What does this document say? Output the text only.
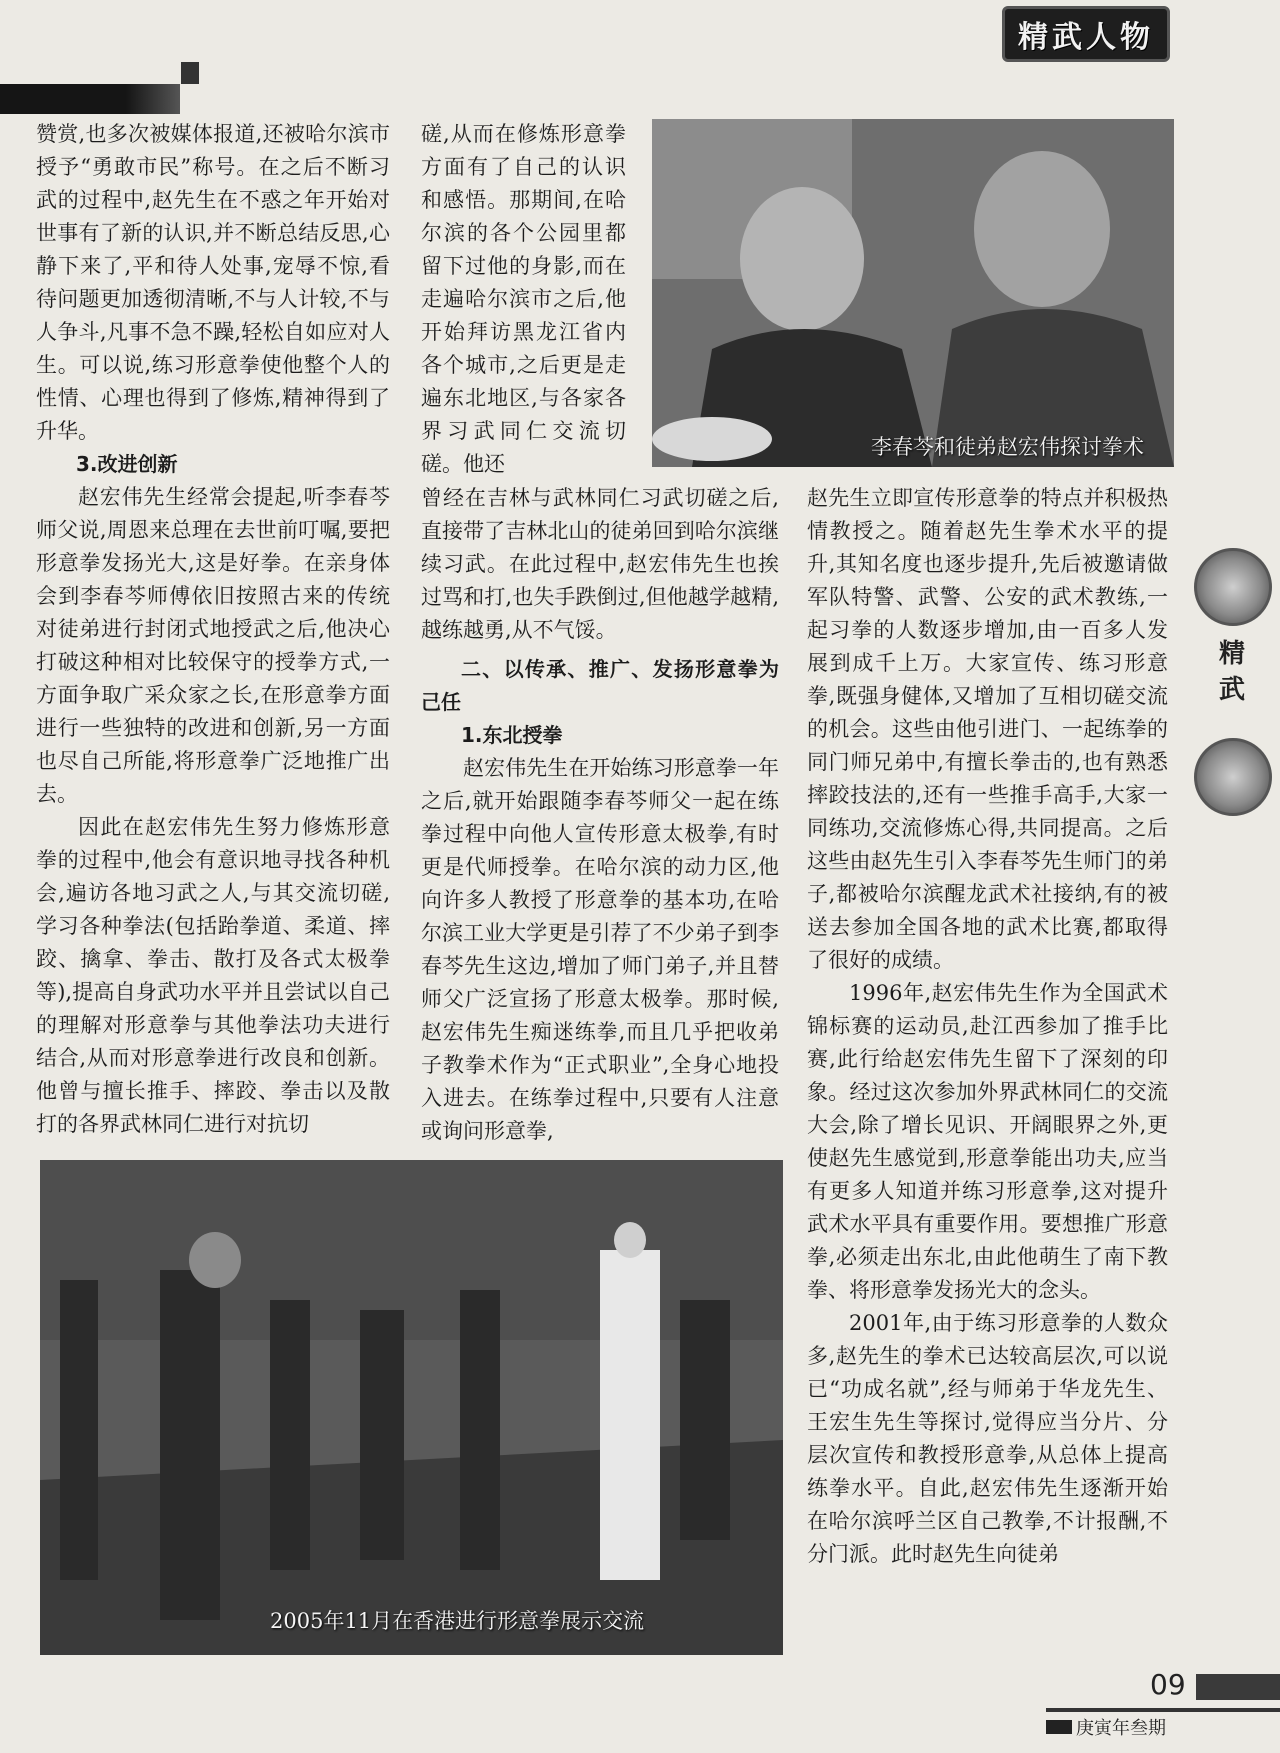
精武人物

赞赏,也多次被媒体报道,还被哈尔滨市授予“勇敢市民”称号。在之后不断习武的过程中,赵先生在不惑之年开始对世事有了新的认识,并不断总结反思,心静下来了,平和待人处事,宠辱不惊,看待问题更加透彻清晰,不与人计较,不与人争斗,凡事不急不躁,轻松自如应对人生。可以说,练习形意拳使他整个人的性情、心理也得到了修炼,精神得到了升华。

3.改进创新

赵宏伟先生经常会提起,听李春芩师父说,周恩来总理在去世前叮嘱,要把形意拳发扬光大,这是好拳。在亲身体会到李春芩师傅依旧按照古来的传统对徒弟进行封闭式地授武之后,他决心打破这种相对比较保守的授拳方式,一方面争取广采众家之长,在形意拳方面进行一些独特的改进和创新,另一方面也尽自己所能,将形意拳广泛地推广出去。

因此在赵宏伟先生努力修炼形意拳的过程中,他会有意识地寻找各种机会,遍访各地习武之人,与其交流切磋,学习各种拳法(包括跆拳道、柔道、摔跤、擒拿、拳击、散打及各式太极拳等),提高自身武功水平并且尝试以自己的理解对形意拳与其他拳法功夫进行结合,从而对形意拳进行改良和创新。他曾与擅长推手、摔跤、拳击以及散打的各界武林同仁进行对抗切

磋,从而在修炼形意拳方面有了自己的认识和感悟。那期间,在哈尔滨的各个公园里都留下过他的身影,而在走遍哈尔滨市之后,他开始拜访黑龙江省内各个城市,之后更是走遍东北地区,与各家各界习武同仁交流切磋。他还

李春芩和徒弟赵宏伟探讨拳术

曾经在吉林与武林同仁习武切磋之后,直接带了吉林北山的徒弟回到哈尔滨继续习武。在此过程中,赵宏伟先生也挨过骂和打,也失手跌倒过,但他越学越精,越练越勇,从不气馁。

二、以传承、推广、发扬形意拳为己任
1.东北授拳

赵宏伟先生在开始练习形意拳一年之后,就开始跟随李春芩师父一起在练拳过程中向他人宣传形意太极拳,有时更是代师授拳。在哈尔滨的动力区,他向许多人教授了形意拳的基本功,在哈尔滨工业大学更是引荐了不少弟子到李春芩先生这边,增加了师门弟子,并且替师父广泛宣扬了形意太极拳。那时候,赵宏伟先生痴迷练拳,而且几乎把收弟子教拳术作为“正式职业”,全身心地投入进去。在练拳过程中,只要有人注意或询问形意拳,

赵先生立即宣传形意拳的特点并积极热情教授之。随着赵先生拳术水平的提升,其知名度也逐步提升,先后被邀请做军队特警、武警、公安的武术教练,一起习拳的人数逐步增加,由一百多人发展到成千上万。大家宣传、练习形意拳,既强身健体,又增加了互相切磋交流的机会。这些由他引进门、一起练拳的同门师兄弟中,有擅长拳击的,也有熟悉摔跤技法的,还有一些推手高手,大家一同练功,交流修炼心得,共同提高。之后这些由赵先生引入李春芩先生师门的弟子,都被哈尔滨醒龙武术社接纳,有的被送去参加全国各地的武术比赛,都取得了很好的成绩。

1996年,赵宏伟先生作为全国武术锦标赛的运动员,赴江西参加了推手比赛,此行给赵宏伟先生留下了深刻的印象。经过这次参加外界武林同仁的交流大会,除了增长见识、开阔眼界之外,更使赵先生感觉到,形意拳能出功夫,应当有更多人知道并练习形意拳,这对提升武术水平具有重要作用。要想推广形意拳,必须走出东北,由此他萌生了南下教拳、将形意拳发扬光大的念头。

2001年,由于练习形意拳的人数众多,赵先生的拳术已达较高层次,可以说已“功成名就”,经与师弟于华龙先生、王宏生先生等探讨,觉得应当分片、分层次宣传和教授形意拳,从总体上提高练拳水平。自此,赵宏伟先生逐渐开始在哈尔滨呼兰区自己教拳,不计报酬,不分门派。此时赵先生向徒弟

2005年11月在香港进行形意拳展示交流
精
武
09
庚寅年叁期
